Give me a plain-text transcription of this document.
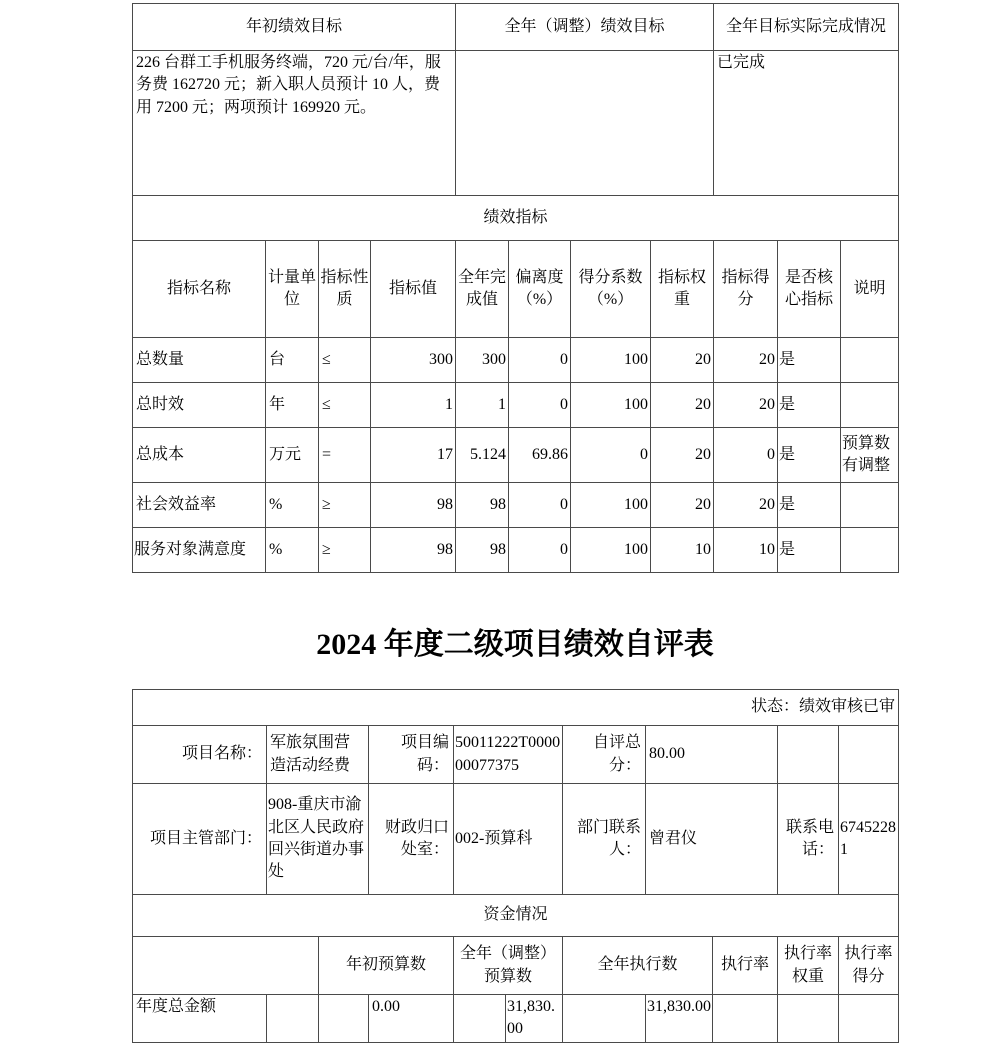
年初绩效目标				全年（调整）绩效目标				全年目标实际完成情况		
226 台群工手机服务终端，720 元/台/年，服务费 162720 元；新入职人员预计 10 人，费用 7200 元；两项预计 169920 元。								已完成		
绩效指标										
指标名称	计量单位	指标性质	指标值	全年完成值	偏离度（%）	得分系数（%）	指标权重	指标得分	是否核心指标	说明
总数量	台	≤	300	300	0	100	20	20	是	
总时效	年	≤	1	1	0	100	20	20	是	
总成本	万元	=	17	5.124	69.86	0	20	0	是	预算数有调整
社会效益率	%	≥	98	98	0	100	20	20	是	
服务对象满意度	%	≥	98	98	0	100	10	10	是	
2024 年度二级项目绩效自评表
状态：绩效审核已审										
项目名称：	军旅氛围营造活动经费		项目编码：	50011222T000000077375		自评总分：	80.00			
项目主管部门：	908-重庆市渝北区人民政府回兴街道办事处		财政归口处室：	002-预算科		部门联系人：	曾君仪		联系电话：	67452281
资金情况										
		年初预算数		全年（调整）预算数		全年执行数		执行率	执行率权重	执行率得分
年度总金额			0.00		31,830.00		31,830.00			
